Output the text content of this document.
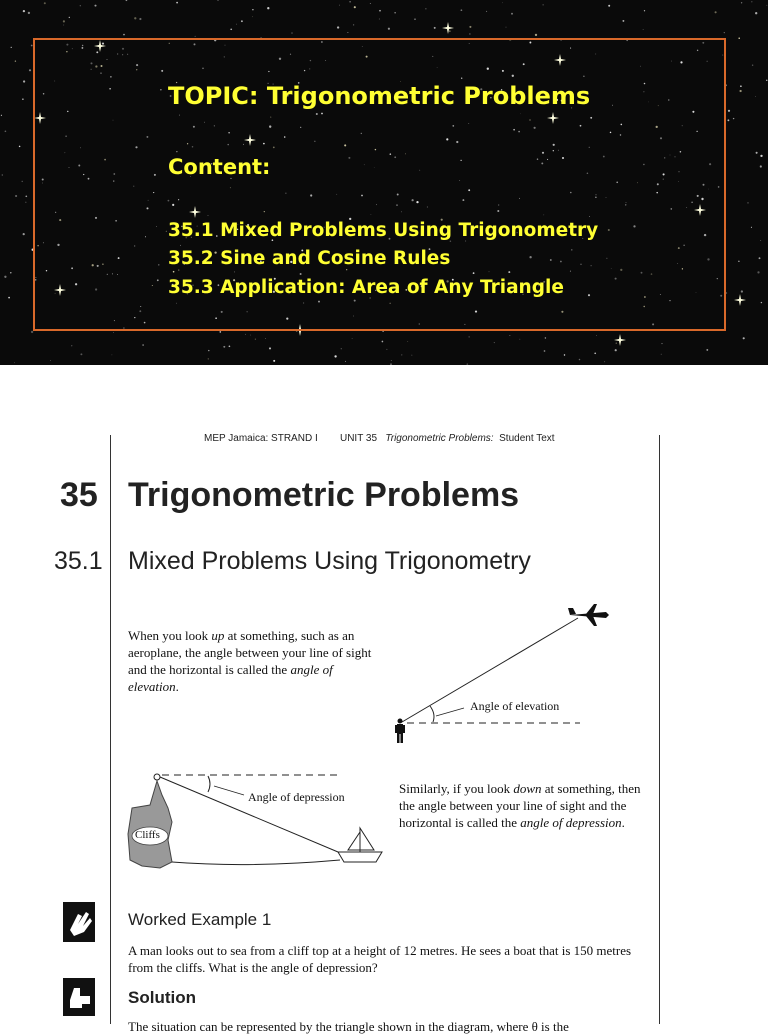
TOPIC: Trigonometric Problems
Content:
35.1 Mixed Problems Using Trigonometry
35.2 Sine and Cosine Rules
35.3 Application: Area of Any Triangle
MEP Jamaica: STRAND I UNIT 35 Trigonometric Problems: Student Text
35 Trigonometric Problems
35.1 Mixed Problems Using Trigonometry
When you look up at something, such as an aeroplane, the angle between your line of sight and the horizontal is called the angle of elevation.
Similarly, if you look down at something, then the angle between your line of sight and the horizontal is called the angle of depression.
Angle of elevation
Angle of depression
Cliffs
Worked Example 1
A man looks out to sea from a cliff top at a height of 12 metres. He sees a boat that is 150 metres from the cliffs. What is the angle of depression?
Solution
The situation can be represented by the triangle shown in the diagram, where θ is the
